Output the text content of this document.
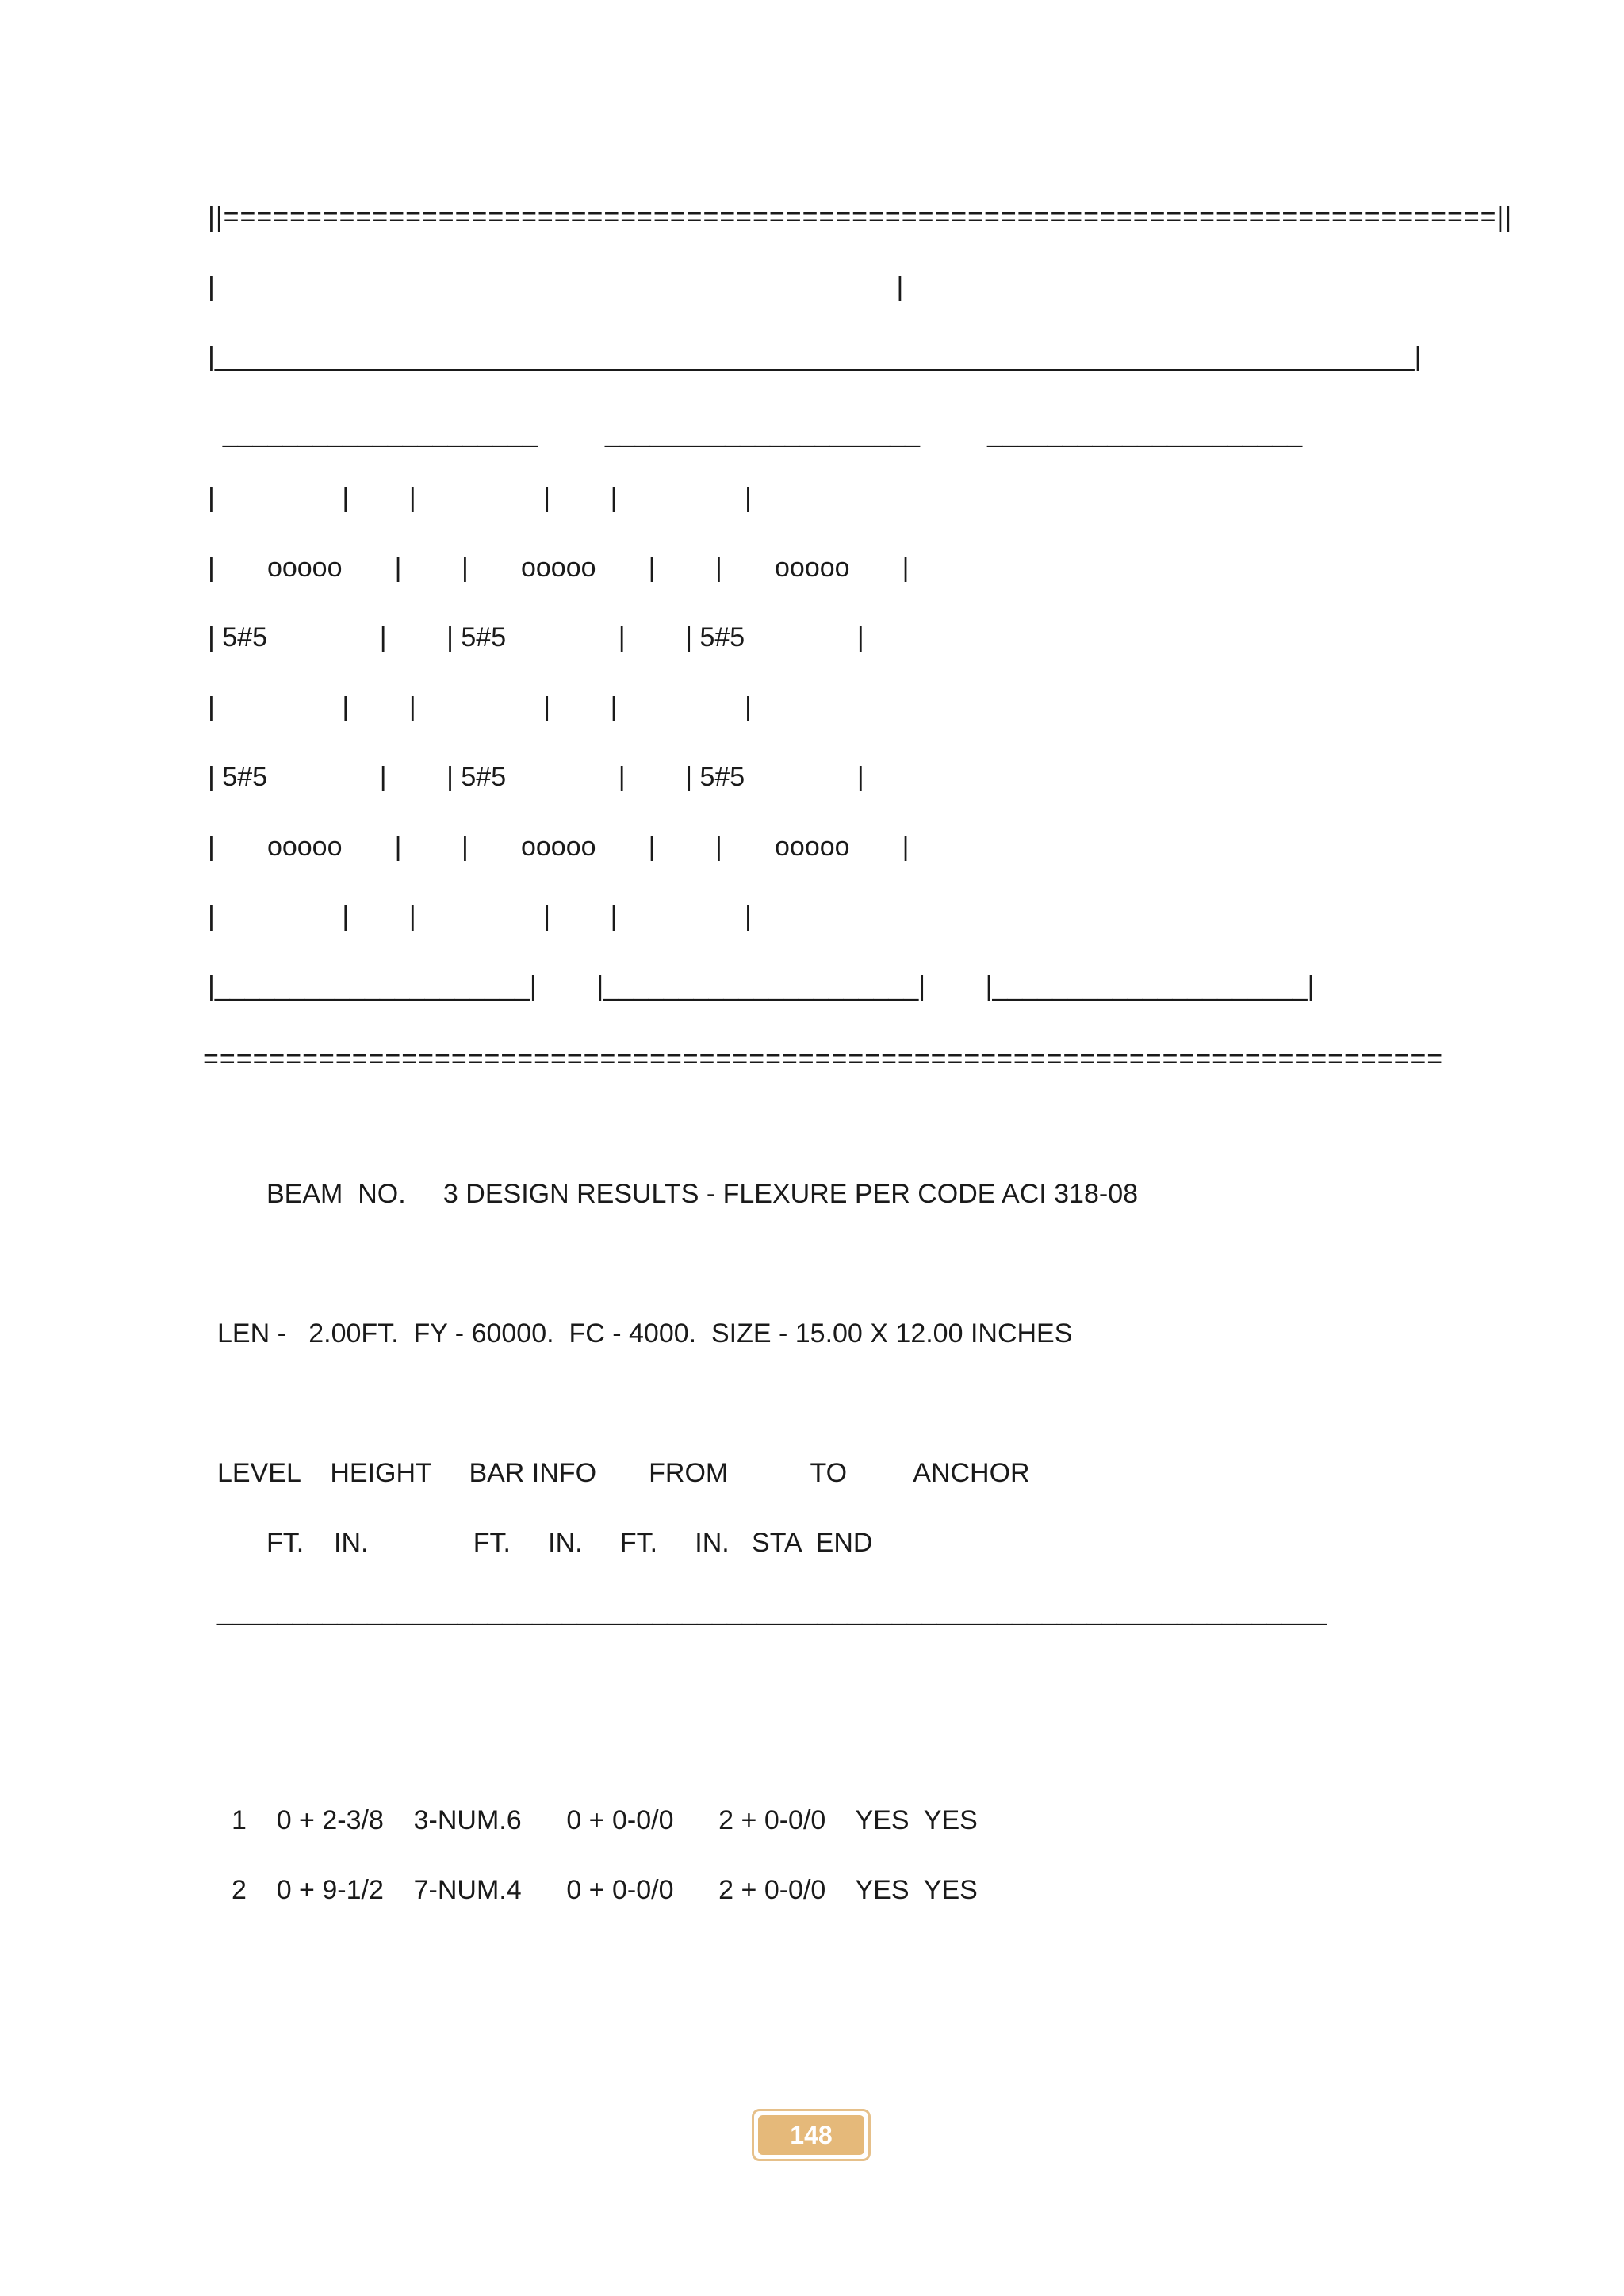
||=============================================================================||
|                                                                                           |
|________________________________________________________________________________|
_____________________         _____________________         _____________________
|                 |        |                 |        |                 |
|       ooooo       |        |       ooooo       |        |       ooooo       |
| 5#5               |        | 5#5               |        | 5#5               |
|                 |        |                 |        |                 |
| 5#5               |        | 5#5               |        | 5#5               |
|       ooooo       |        |       ooooo       |        |       ooooo       |
|                 |        |                 |        |                 |
|_____________________|        |_____________________|        |_____________________|
===========================================================================
BEAM  NO.     3 DESIGN RESULTS - FLEXURE PER CODE ACI 318-08
LEN -   2.00FT.  FY - 60000.  FC - 4000.  SIZE - 15.00 X 12.00 INCHES
LEVEL    HEIGHT     BAR INFO       FROM           TO         ANCHOR
FT.    IN.              FT.     IN.     FT.     IN.   STA  END
__________________________________________________________________________
1    0 + 2-3/8    3-NUM.6      0 + 0-0/0      2 + 0-0/0    YES  YES
2    0 + 9-1/2    7-NUM.4      0 + 0-0/0      2 + 0-0/0    YES  YES
148
